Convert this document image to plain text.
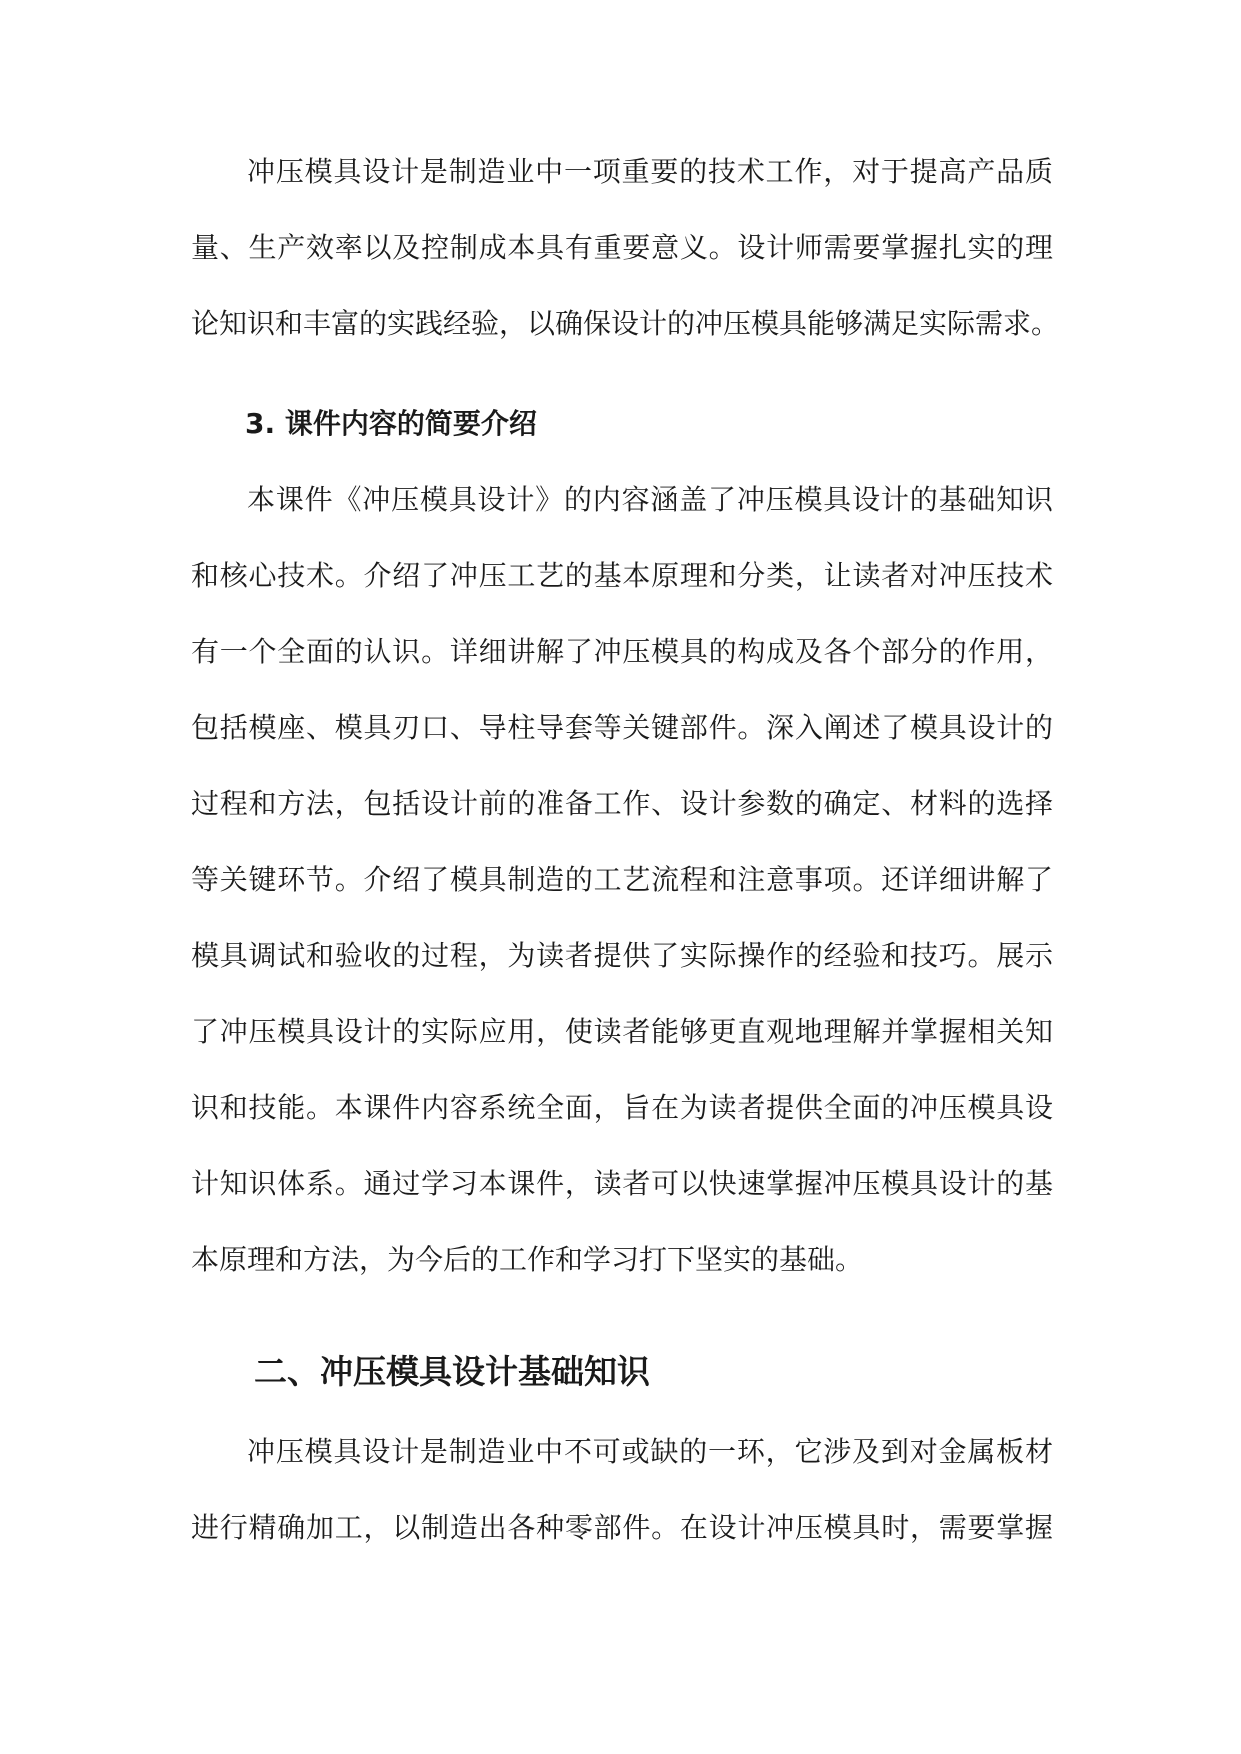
冲压模具设计是制造业中一项重要的技术工作，对于提高产品质
量、生产效率以及控制成本具有重要意义。设计师需要掌握扎实的理
论知识和丰富的实践经验，以确保设计的冲压模具能够满足实际需求。
3. 课件内容的简要介绍
本课件《冲压模具设计》的内容涵盖了冲压模具设计的基础知识
和核心技术。介绍了冲压工艺的基本原理和分类，让读者对冲压技术
有一个全面的认识。详细讲解了冲压模具的构成及各个部分的作用，
包括模座、模具刃口、导柱导套等关键部件。深入阐述了模具设计的
过程和方法，包括设计前的准备工作、设计参数的确定、材料的选择
等关键环节。介绍了模具制造的工艺流程和注意事项。还详细讲解了
模具调试和验收的过程，为读者提供了实际操作的经验和技巧。展示
了冲压模具设计的实际应用，使读者能够更直观地理解并掌握相关知
识和技能。本课件内容系统全面，旨在为读者提供全面的冲压模具设
计知识体系。通过学习本课件，读者可以快速掌握冲压模具设计的基
本原理和方法，为今后的工作和学习打下坚实的基础。
二、冲压模具设计基础知识
冲压模具设计是制造业中不可或缺的一环，它涉及到对金属板材
进行精确加工，以制造出各种零部件。在设计冲压模具时，需要掌握
